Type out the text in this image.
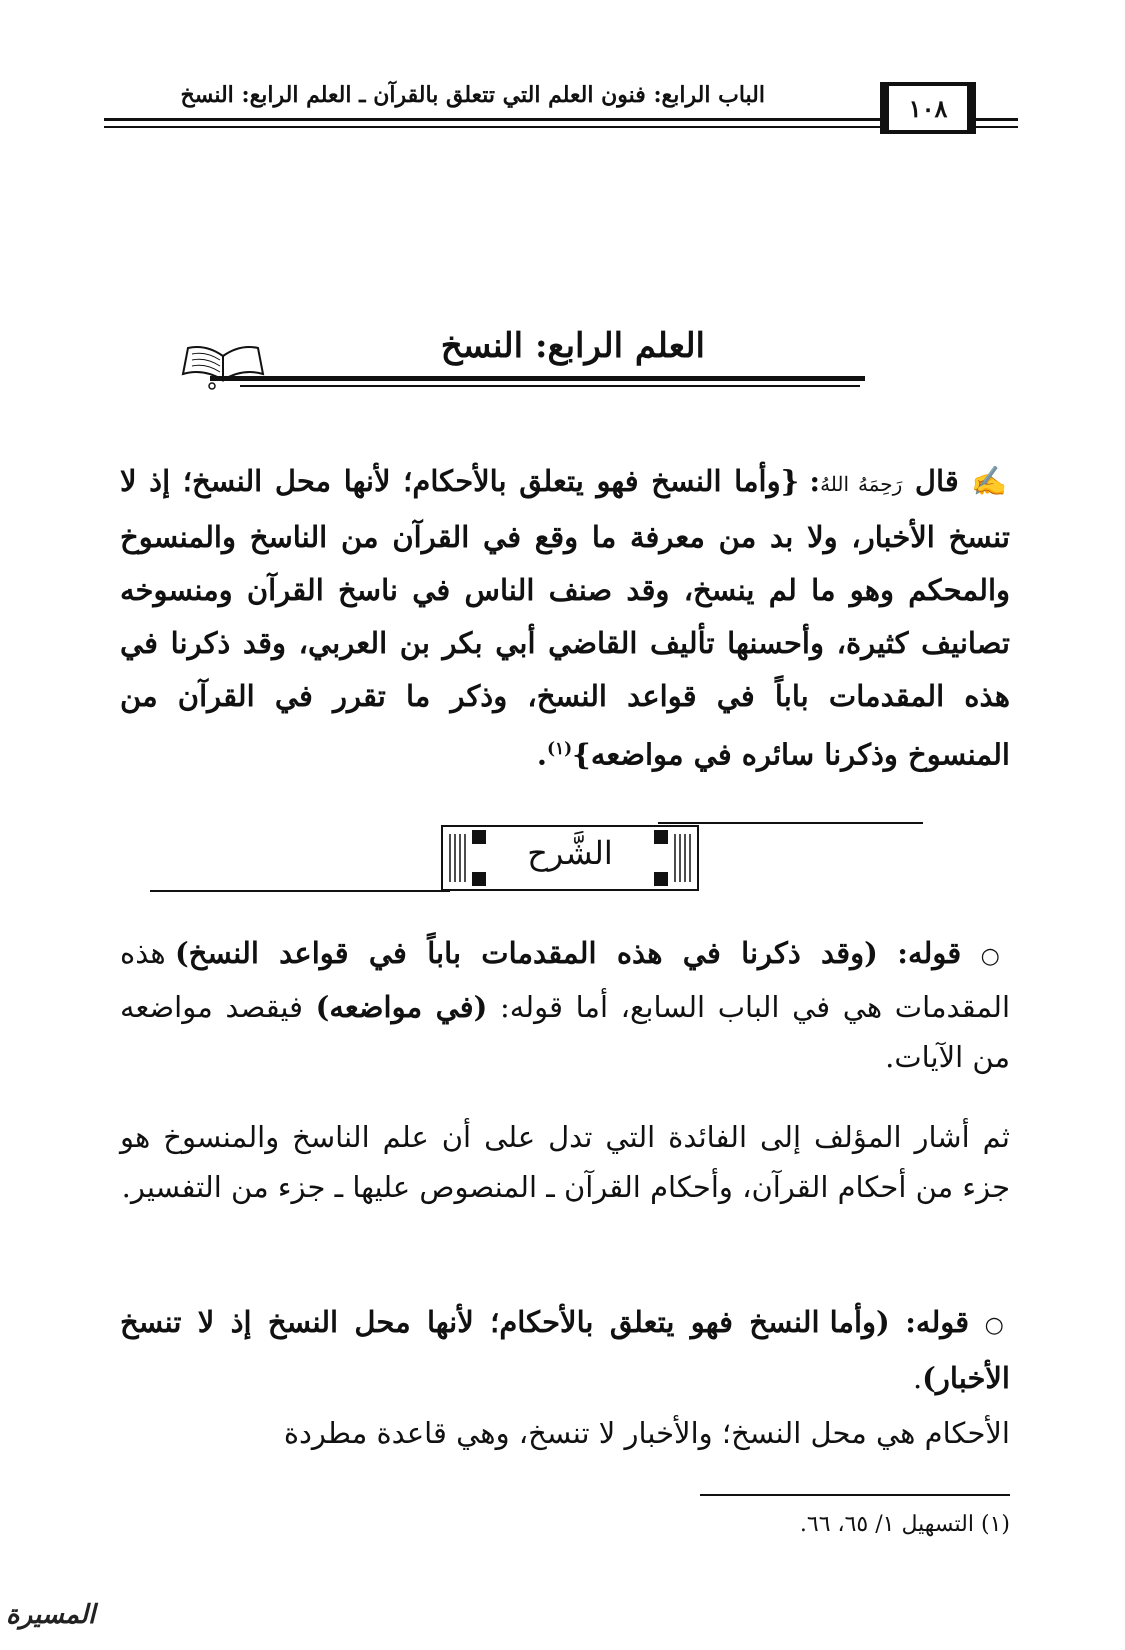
الباب الرابع: فنون العلم التي تتعلق بالقرآن ـ العلم الرابع: النسخ	١٠٨
العلم الرابع: النسخ
✍ قال رَحِمَهُ اللهُ: {وأما النسخ فهو يتعلق بالأحكام؛ لأنها محل النسخ؛ إذ لا تنسخ الأخبار، ولا بد من معرفة ما وقع في القرآن من الناسخ والمنسوخ والمحكم وهو ما لم ينسخ، وقد صنف الناس في ناسخ القرآن ومنسوخه تصانيف كثيرة، وأحسنها تأليف القاضي أبي بكر بن العربي، وقد ذكرنا في هذه المقدمات باباً في قواعد النسخ، وذكر ما تقرر في القرآن من المنسوخ وذكرنا سائره في مواضعه}$^{(١)}$.
الشَّرح
○ قوله: (وقد ذكرنا في هذه المقدمات باباً في قواعد النسخ) هذه المقدمات هي في الباب السابع، أما قوله: (في مواضعه) فيقصد مواضعه من الآيات.
ثم أشار المؤلف إلى الفائدة التي تدل على أن علم الناسخ والمنسوخ هو جزء من أحكام القرآن، وأحكام القرآن ـ المنصوص عليها ـ جزء من التفسير.
○ قوله: (وأما النسخ فهو يتعلق بالأحكام؛ لأنها محل النسخ إذ لا تنسخ الأخبار).
الأحكام هي محل النسخ؛ والأخبار لا تنسخ، وهي قاعدة مطردة
(١) التسهيل ١/ ٦٥، ٦٦.
المسيرة
